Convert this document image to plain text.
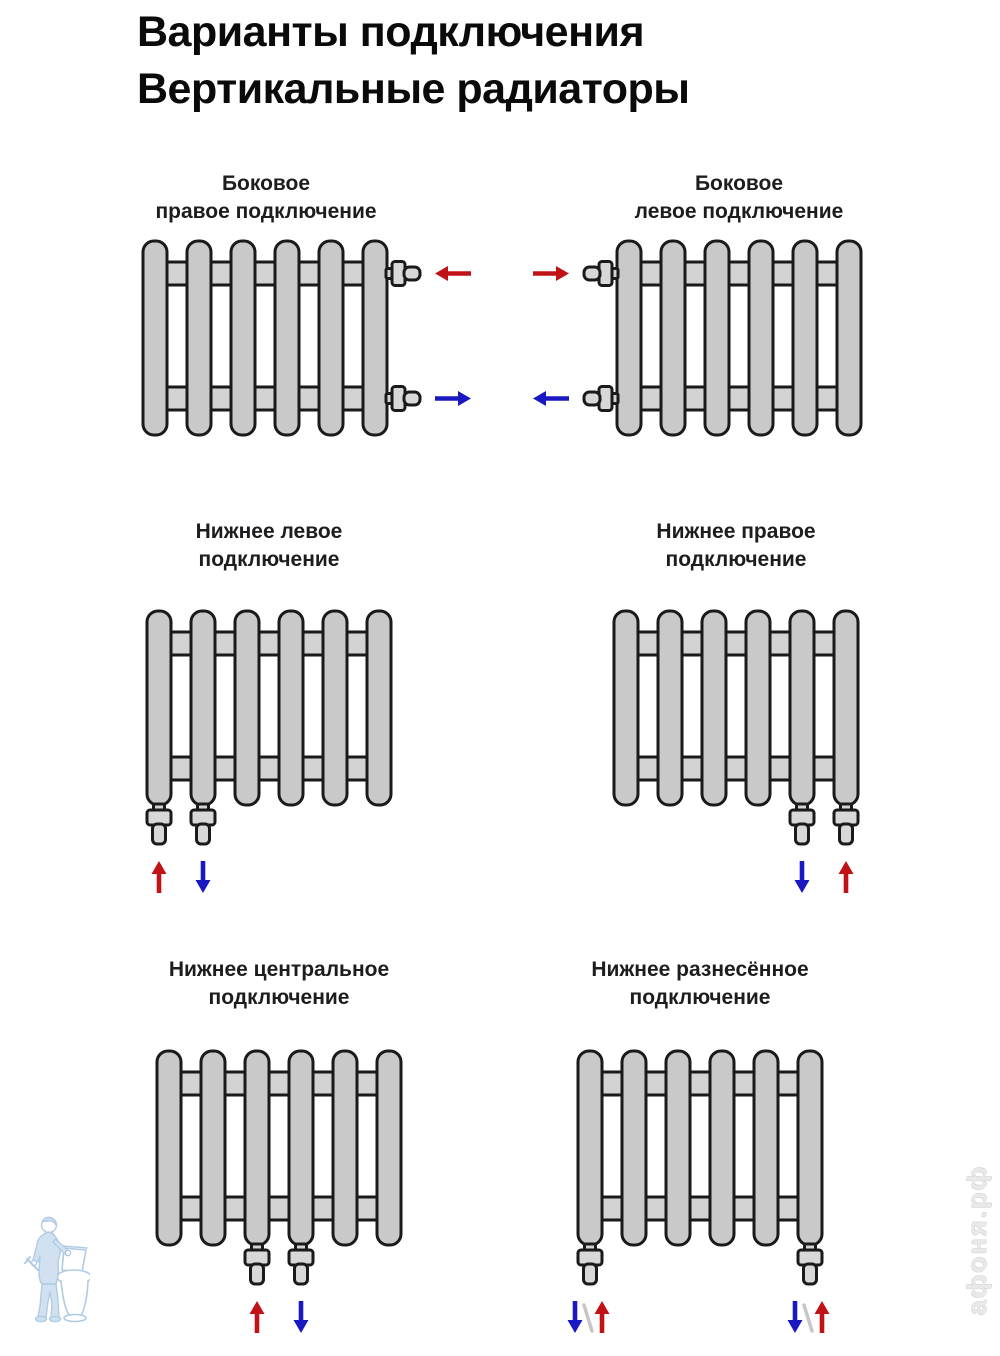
Варианты подключения
Вертикальные радиаторы
Боковое
правое подключение
Боковое
левое подключение
Нижнее левое
подключение
Нижнее правое
подключение
Нижнее центральное
подключение
Нижнее разнесённое
подключение
афоня.рф
